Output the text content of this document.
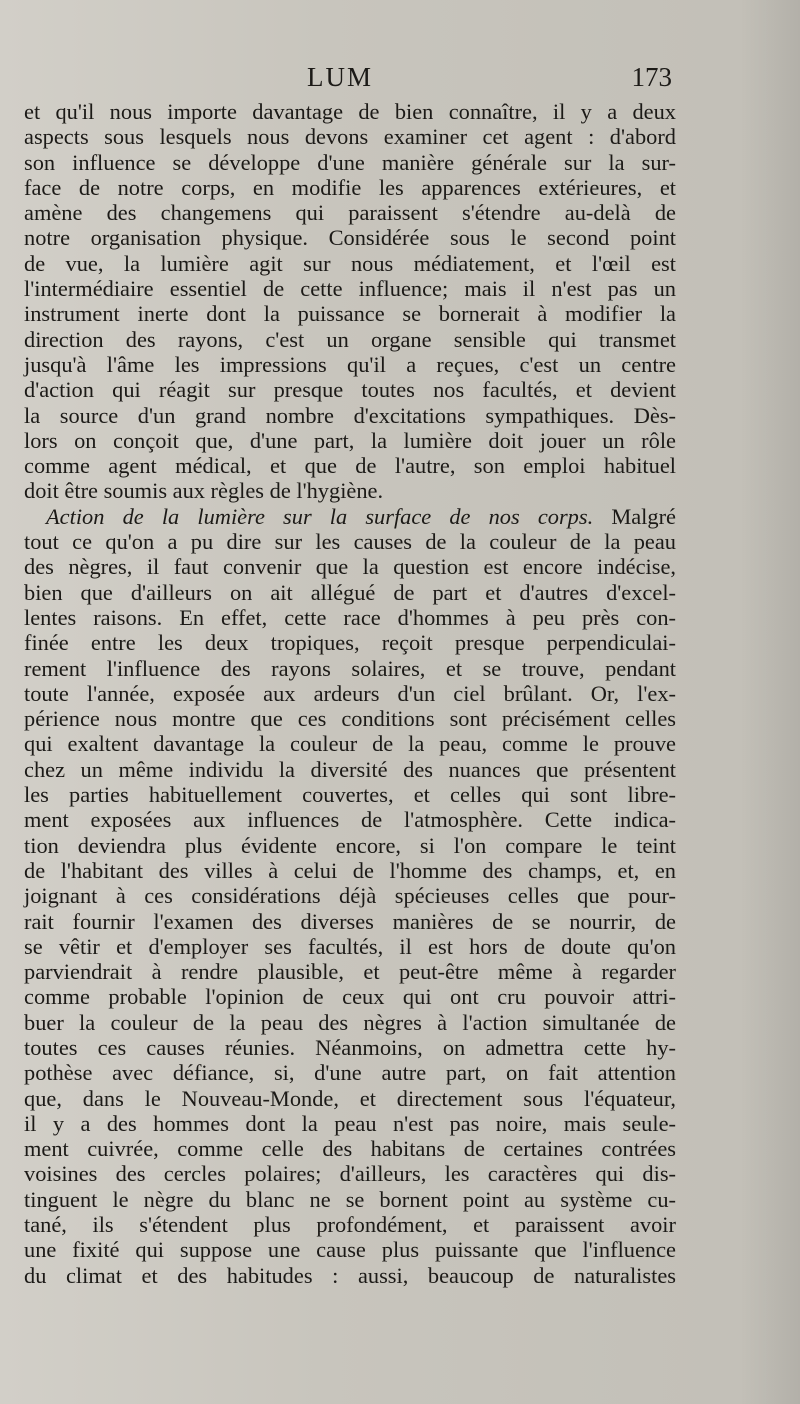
LUM	173
et qu'il nous importe davantage de bien connaître, il y a deux
aspects sous lesquels nous devons examiner cet agent : d'abord
son influence se développe d'une manière générale sur la sur-
face de notre corps, en modifie les apparences extérieures, et
amène des changemens qui paraissent s'étendre au-delà de
notre organisation physique. Considérée sous le second point
de vue, la lumière agit sur nous médiatement, et l'œil est
l'intermédiaire essentiel de cette influence; mais il n'est pas un
instrument inerte dont la puissance se bornerait à modifier la
direction des rayons, c'est un organe sensible qui transmet
jusqu'à l'âme les impressions qu'il a reçues, c'est un centre
d'action qui réagit sur presque toutes nos facultés, et devient
la source d'un grand nombre d'excitations sympathiques. Dès-
lors on conçoit que, d'une part, la lumière doit jouer un rôle
comme agent médical, et que de l'autre, son emploi habituel
doit être soumis aux règles de l'hygiène.
Action de la lumière sur la surface de nos corps. Malgré
tout ce qu'on a pu dire sur les causes de la couleur de la peau
des nègres, il faut convenir que la question est encore indécise,
bien que d'ailleurs on ait allégué de part et d'autres d'excel-
lentes raisons. En effet, cette race d'hommes à peu près con-
finée entre les deux tropiques, reçoit presque perpendiculai-
rement l'influence des rayons solaires, et se trouve, pendant
toute l'année, exposée aux ardeurs d'un ciel brûlant. Or, l'ex-
périence nous montre que ces conditions sont précisément celles
qui exaltent davantage la couleur de la peau, comme le prouve
chez un même individu la diversité des nuances que présentent
les parties habituellement couvertes, et celles qui sont libre-
ment exposées aux influences de l'atmosphère. Cette indica-
tion deviendra plus évidente encore, si l'on compare le teint
de l'habitant des villes à celui de l'homme des champs, et, en
joignant à ces considérations déjà spécieuses celles que pour-
rait fournir l'examen des diverses manières de se nourrir, de
se vêtir et d'employer ses facultés, il est hors de doute qu'on
parviendrait à rendre plausible, et peut-être même à regarder
comme probable l'opinion de ceux qui ont cru pouvoir attri-
buer la couleur de la peau des nègres à l'action simultanée de
toutes ces causes réunies. Néanmoins, on admettra cette hy-
pothèse avec défiance, si, d'une autre part, on fait attention
que, dans le Nouveau-Monde, et directement sous l'équateur,
il y a des hommes dont la peau n'est pas noire, mais seule-
ment cuivrée, comme celle des habitans de certaines contrées
voisines des cercles polaires; d'ailleurs, les caractères qui dis-
tinguent le nègre du blanc ne se bornent point au système cu-
tané, ils s'étendent plus profondément, et paraissent avoir
une fixité qui suppose une cause plus puissante que l'influence
du climat et des habitudes : aussi, beaucoup de naturalistes
